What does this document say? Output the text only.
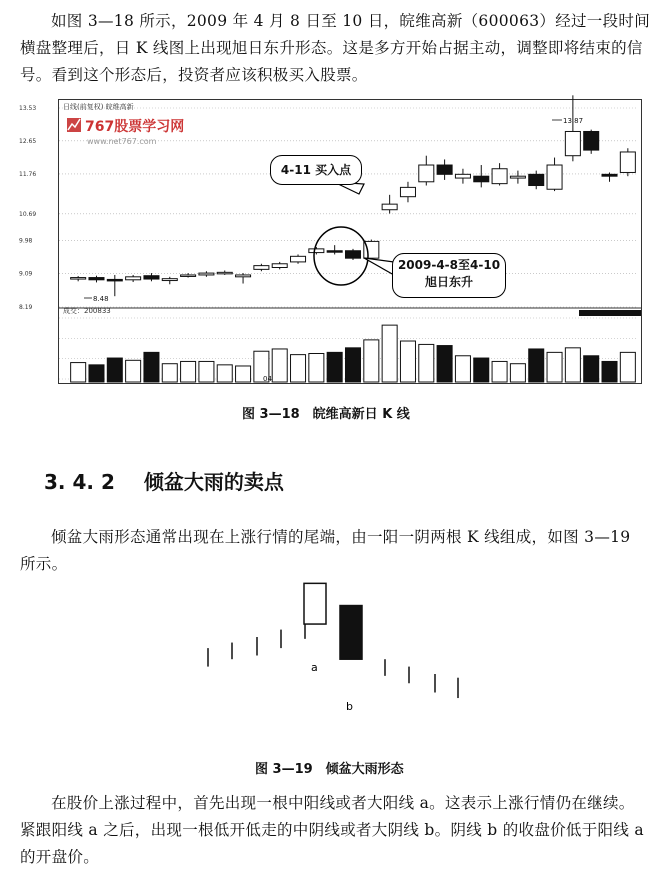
如图 3—18 所示，2009 年 4 月 8 日至 10 日，皖维高新（600063）经过一段时间横盘整理后，日 K 线图上出现旭日东升形态。这是多方开始占据主动，调整即将结束的信号。看到这个形态后，投资者应该积极买入股票。

13.53
12.65
11.76
10.69
9.98
9.09
8.19
日线(前复权) 皖维高新
成交：200833
767股票学习网
www.net767.com
13.87
8.48
04
4-11 买入点
2009-4-8至4-10
旭日东升
图 3—18　皖维高新日 K 线
3. 4. 2 倾盆大雨的卖点

倾盆大雨形态通常出现在上涨行情的尾端，由一阳一阴两根 K 线组成，如图 3—19 所示。

a
b
图 3—19　倾盆大雨形态

在股价上涨过程中，首先出现一根中阳线或者大阳线 a。这表示上涨行情仍在继续。紧跟阳线 a 之后，出现一根低开低走的中阴线或者大阴线 b。阴线 b 的收盘价低于阳线 a 的开盘价。
